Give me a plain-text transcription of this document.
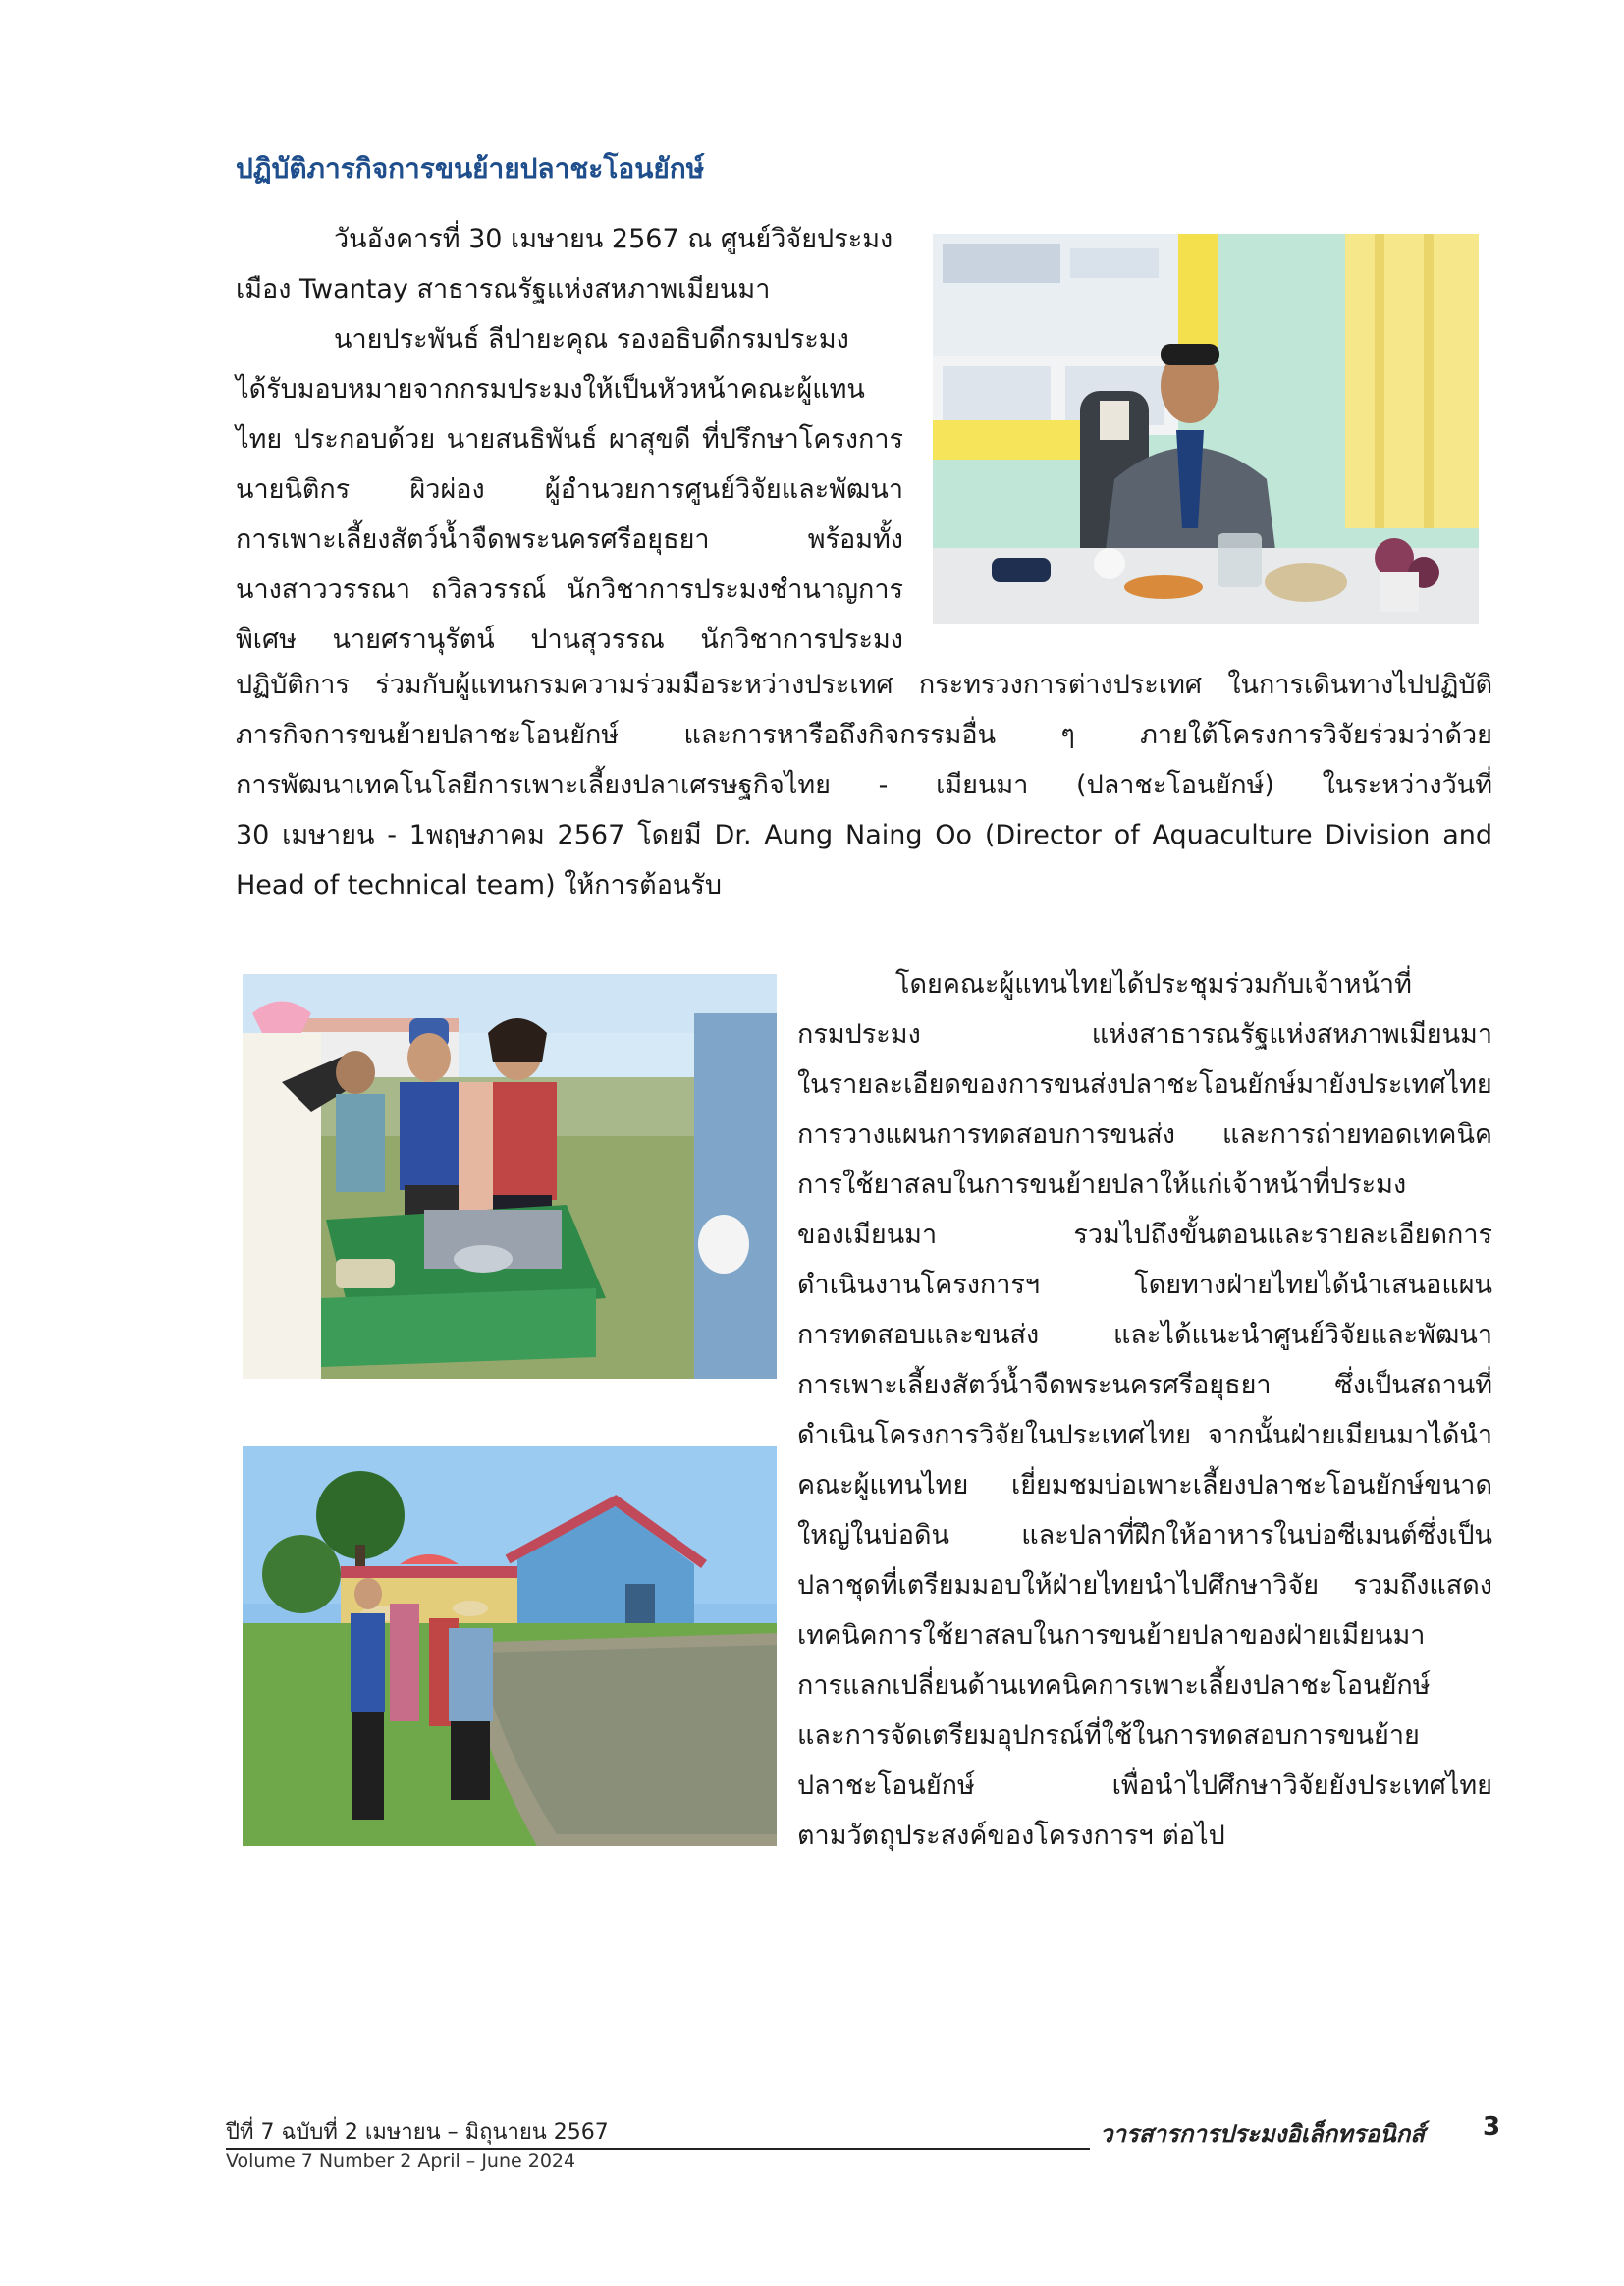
ปฏิบัติภารกิจการขนย้ายปลาชะโอนยักษ์

วันอังคารที่ 30 เมษายน 2567 ณ ศูนย์วิจัยประมง
เมือง Twantay สาธารณรัฐแห่งสหภาพเมียนมา

นายประพันธ์ ลีปายะคุณ รองอธิบดีกรมประมง
ได้รับมอบหมายจากกรมประมงให้เป็นหัวหน้าคณะผู้แทน
ไทย ประกอบด้วย นายสนธิพันธ์ ผาสุขดี ที่ปรึกษาโครงการ
นายนิติกร ผิวผ่อง ผู้อำนวยการศูนย์วิจัยและพัฒนา
การเพาะเลี้ยงสัตว์น้ำจืดพระนครศรีอยุธยา พร้อมทั้ง
นางสาววรรณา ถวิลวรรณ์ นักวิชาการประมงชำนาญการ
พิเศษ นายศรานุรัตน์ ปานสุวรรณ นักวิชาการประมง

ปฏิบัติการ ร่วมกับผู้แทนกรมความร่วมมือระหว่างประเทศ กระทรวงการต่างประเทศ ในการเดินทางไปปฏิบัติ
ภารกิจการขนย้ายปลาชะโอนยักษ์ และการหารือถึงกิจกรรมอื่น ๆ ภายใต้โครงการวิจัยร่วมว่าด้วย
การพัฒนาเทคโนโลยีการเพาะเลี้ยงปลาเศรษฐกิจไทย - เมียนมา (ปลาชะโอนยักษ์) ในระหว่างวันที่
30 เมษายน - 1พฤษภาคม 2567 โดยมี Dr. Aung Naing Oo (Director of Aquaculture Division and
Head of technical team) ให้การต้อนรับ

โดยคณะผู้แทนไทยได้ประชุมร่วมกับเจ้าหน้าที่
กรมประมง แห่งสาธารณรัฐแห่งสหภาพเมียนมา
ในรายละเอียดของการขนส่งปลาชะโอนยักษ์มายังประเทศไทย
การวางแผนการทดสอบการขนส่ง และการถ่ายทอดเทคนิค
การใช้ยาสลบในการขนย้ายปลาให้แก่เจ้าหน้าที่ประมง
ของเมียนมา รวมไปถึงขั้นตอนและรายละเอียดการ
ดำเนินงานโครงการฯ โดยทางฝ่ายไทยได้นำเสนอแผน
การทดสอบและขนส่ง และได้แนะนำศูนย์วิจัยและพัฒนา
การเพาะเลี้ยงสัตว์น้ำจืดพระนครศรีอยุธยา ซึ่งเป็นสถานที่
ดำเนินโครงการวิจัยในประเทศไทย จากนั้นฝ่ายเมียนมาได้นำ
คณะผู้แทนไทย เยี่ยมชมบ่อเพาะเลี้ยงปลาชะโอนยักษ์ขนาด
ใหญ่ในบ่อดิน และปลาที่ฝึกให้อาหารในบ่อซีเมนต์ซึ่งเป็น
ปลาชุดที่เตรียมมอบให้ฝ่ายไทยนำไปศึกษาวิจัย รวมถึงแสดง
เทคนิคการใช้ยาสลบในการขนย้ายปลาของฝ่ายเมียนมา
การแลกเปลี่ยนด้านเทคนิคการเพาะเลี้ยงปลาชะโอนยักษ์
และการจัดเตรียมอุปกรณ์ที่ใช้ในการทดสอบการขนย้าย
ปลาชะโอนยักษ์ เพื่อนำไปศึกษาวิจัยยังประเทศไทย
ตามวัตถุประสงค์ของโครงการฯ ต่อไป

ปีที่ 7 ฉบับที่ 2 เมษายน – มิถุนายน 2567
Volume 7 Number 2 April – June 2024
วารสารการประมงอิเล็กทรอนิกส์ 3
